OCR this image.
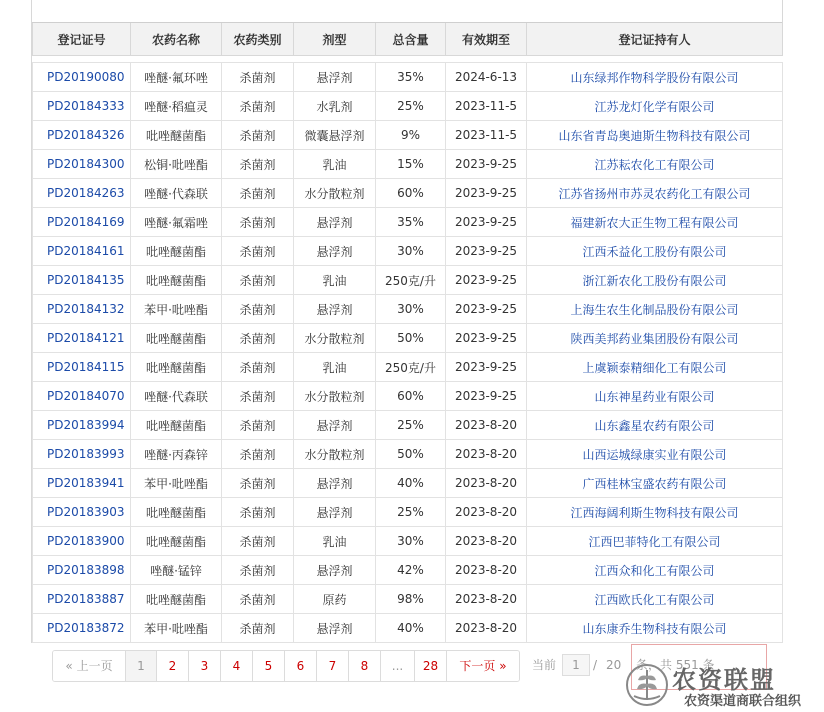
登记证号	农药名称	农药类别	剂型	总含量	有效期至	登记证持有人

PD20190080	唑醚·氟环唑	杀菌剂	悬浮剂	35%	2024-6-13	山东绿邦作物科学股份有限公司
PD20184333	唑醚·稻瘟灵	杀菌剂	水乳剂	25%	2023-11-5	江苏龙灯化学有限公司
PD20184326	吡唑醚菌酯	杀菌剂	微囊悬浮剂	9%	2023-11-5	山东省青岛奥迪斯生物科技有限公司
PD20184300	松铜·吡唑酯	杀菌剂	乳油	15%	2023-9-25	江苏耘农化工有限公司
PD20184263	唑醚·代森联	杀菌剂	水分散粒剂	60%	2023-9-25	江苏省扬州市苏灵农药化工有限公司
PD20184169	唑醚·氟霜唑	杀菌剂	悬浮剂	35%	2023-9-25	福建新农大正生物工程有限公司
PD20184161	吡唑醚菌酯	杀菌剂	悬浮剂	30%	2023-9-25	江西禾益化工股份有限公司
PD20184135	吡唑醚菌酯	杀菌剂	乳油	250克/升	2023-9-25	浙江新农化工股份有限公司
PD20184132	苯甲·吡唑酯	杀菌剂	悬浮剂	30%	2023-9-25	上海生农生化制品股份有限公司
PD20184121	吡唑醚菌酯	杀菌剂	水分散粒剂	50%	2023-9-25	陕西美邦药业集团股份有限公司
PD20184115	吡唑醚菌酯	杀菌剂	乳油	250克/升	2023-9-25	上虞颖泰精细化工有限公司
PD20184070	唑醚·代森联	杀菌剂	水分散粒剂	60%	2023-9-25	山东神星药业有限公司
PD20183994	吡唑醚菌酯	杀菌剂	悬浮剂	25%	2023-8-20	山东鑫星农药有限公司
PD20183993	唑醚·丙森锌	杀菌剂	水分散粒剂	50%	2023-8-20	山西运城绿康实业有限公司
PD20183941	苯甲·吡唑酯	杀菌剂	悬浮剂	40%	2023-8-20	广西桂林宝盛农药有限公司
PD20183903	吡唑醚菌酯	杀菌剂	悬浮剂	25%	2023-8-20	江西海阔利斯生物科技有限公司
PD20183900	吡唑醚菌酯	杀菌剂	乳油	30%	2023-8-20	江西巴菲特化工有限公司
PD20183898	唑醚·锰锌	杀菌剂	悬浮剂	42%	2023-8-20	江西众和化工有限公司
PD20183887	吡唑醚菌酯	杀菌剂	原药	98%	2023-8-20	江西欧氏化工有限公司
PD20183872	苯甲·吡唑酯	杀菌剂	悬浮剂	40%	2023-8-20	山东康乔生物科技有限公司
« 上一页	1	2	3	4	5	6	7	8	...	28	下一页 »	当前	1	/ 20 条，共 551 条
农资联盟
农资渠道商联合组织
